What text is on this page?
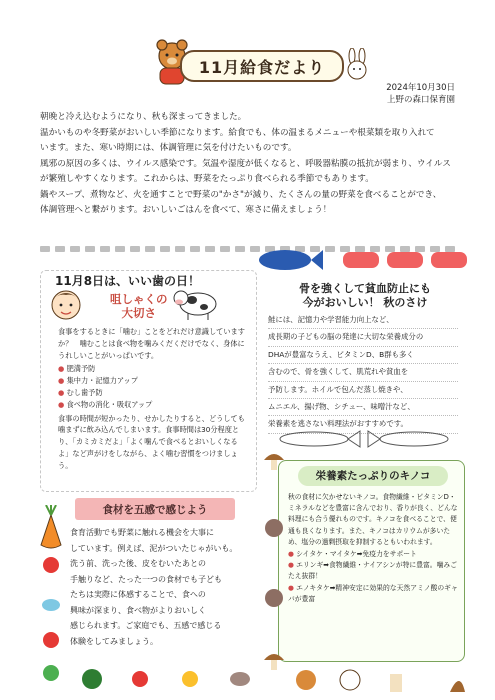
11月給食だより
2024年10月30日
上野の森口保育園

朝晩と冷え込むようになり、秋も深まってきました。

温かいものや冬野菜がおいしい季節になります。給食でも、体の温まるメニューや根菜類を取り入れて

います。また、寒い時期には、体調管理に気を付けたいものです。

風邪の原因の多くは、ウイルス感染です。気温や湿度が低くなると、呼吸器粘膜の抵抗が弱まり、ウイルス

が繁殖しやすくなります。これからは、野菜をたっぷり食べられる季節でもあります。

鍋やスープ、煮物など、火を通すことで野菜の"かさ"が減り、たくさんの量の野菜を食べることができ、

体調管理へと繋がります。おいしいごはんを食べて、寒さに備えましょう！

11月8日は、いい歯の日！
咀しゃくの
大切さ

食事をするときに「噛む」ことをどれだけ意識していますか？　噛むことは食べ物を噛みくだくだけでなく、身体にうれしいことがいっぱいです。

● 肥満予防
● 集中力・記憶力アップ
● むし歯予防
● 食べ物の消化・吸収アップ

食事の時間が短かったり、せかしたりすると、どうしても噛まずに飲み込んでしまいます。食事時間は30分程度とり、「カミカミだよ」「よく噛んで食べるとおいしくなるよ」など声がけをしながら、よく噛む習慣をつけましょう。

食材を五感で感じよう

食育活動でも野菜に触れる機会を大事に

しています。例えば、泥がついたじゃがいも。

洗う前、洗った後、皮をむいたあとの

手触りなど、たった一つの食材でも子ども

たちは実際に体感することで、食への

興味が深まり、食べ物がよりおいしく

感じられます。ご家庭でも、五感で感じる

体験をしてみましょう。

骨を強くして貧血防止にも
今がおいしい！ 秋のさけ

鮭には、記憶力や学習能力向上など、

成長期の子どもの脳の発達に大切な栄養成分の

DHAが豊富なうえ、ビタミンD、B群も多く

含むので、骨を強くして、肌荒れや貧血を

予防します。ホイルで包んだ蒸し焼きや、

ムニエル、揚げ物、シチュー、味噌汁など、

栄養素を逃さない料理法がおすすめです。

栄養素たっぷりのキノコ

秋の食材に欠かせないキノコ。食物繊維・ビタミンD・ミネラルなどを豊富に含んでおり、香りが良く、どんな料理にも合う優れものです。キノコを食べることで、便通も良くなります。また、キノコはカリウムが多いため、塩分の過剰摂取を抑制するともいわれます。

● シイタケ・マイタケ➡免疫力をサポート
● エリンギ➡食物繊維・ナイアシンが特に豊富。噛みごたえ抜群！
● エノキタケ➡精神安定に効果的な天然アミノ酸のギャバが豊富
